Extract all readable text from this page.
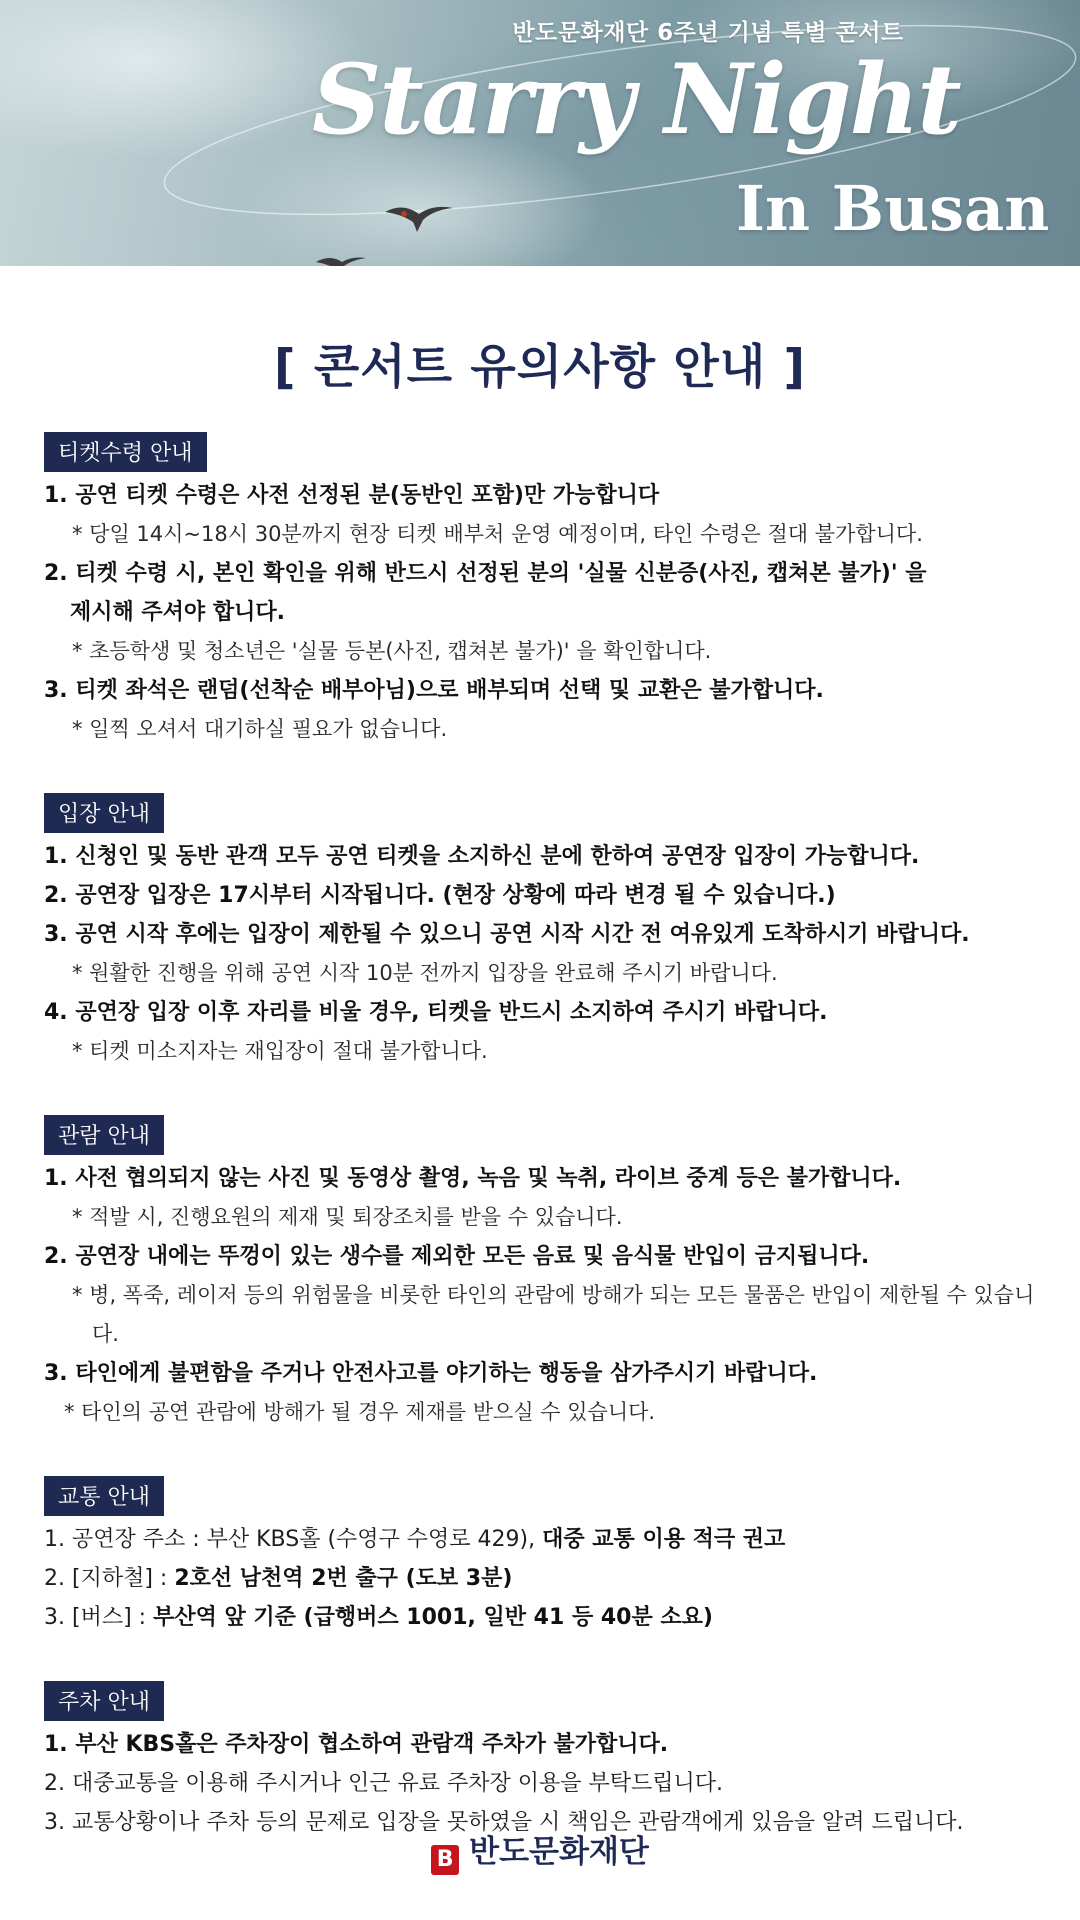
반도문화재단 6주년 기념 특별 콘서트
Starry Night
In Busan
[ 콘서트 유의사항 안내 ]
티켓수령 안내
1. 공연 티켓 수령은 사전 선정된 분(동반인 포함)만 가능합니다
* 당일 14시~18시 30분까지 현장 티켓 배부처 운영 예정이며, 타인 수령은 절대 불가합니다.
2. 티켓 수령 시, 본인 확인을 위해 반드시 선정된 분의 '실물 신분증(사진, 캡쳐본 불가)' 을
제시해 주셔야 합니다.
* 초등학생 및 청소년은 '실물 등본(사진, 캡쳐본 불가)' 을 확인합니다.
3. 티켓 좌석은 랜덤(선착순 배부아님)으로 배부되며 선택 및 교환은 불가합니다.
* 일찍 오셔서 대기하실 필요가 없습니다.
입장 안내
1. 신청인 및 동반 관객 모두 공연 티켓을 소지하신 분에 한하여 공연장 입장이 가능합니다.
2. 공연장 입장은 17시부터 시작됩니다. (현장 상황에 따라 변경 될 수 있습니다.)
3. 공연 시작 후에는 입장이 제한될 수 있으니 공연 시작 시간 전 여유있게 도착하시기 바랍니다.
* 원활한 진행을 위해 공연 시작 10분 전까지 입장을 완료해 주시기 바랍니다.
4. 공연장 입장 이후 자리를 비울 경우, 티켓을 반드시 소지하여 주시기 바랍니다.
* 티켓 미소지자는 재입장이 절대 불가합니다.
관람 안내
1. 사전 협의되지 않는 사진 및 동영상 촬영, 녹음 및 녹취, 라이브 중계 등은 불가합니다.
* 적발 시, 진행요원의 제재 및 퇴장조치를 받을 수 있습니다.
2. 공연장 내에는 뚜껑이 있는 생수를 제외한 모든 음료 및 음식물 반입이 금지됩니다.
* 병, 폭죽, 레이저 등의 위험물을 비롯한 타인의 관람에 방해가 되는 모든 물품은 반입이 제한될 수 있습니다.
3. 타인에게 불편함을 주거나 안전사고를 야기하는 행동을 삼가주시기 바랍니다.
* 타인의 공연 관람에 방해가 될 경우 제재를 받으실 수 있습니다.
교통 안내
1. 공연장 주소 : 부산 KBS홀 (수영구 수영로 429), 대중 교통 이용 적극 권고
2. [지하철] : 2호선 남천역 2번 출구 (도보 3분)
3. [버스] : 부산역 앞 기준 (급행버스 1001, 일반 41 등 40분 소요)
주차 안내
1. 부산 KBS홀은 주차장이 협소하여 관람객 주차가 불가합니다.
2. 대중교통을 이용해 주시거나 인근 유료 주차장 이용을 부탁드립니다.
3. 교통상황이나 주차 등의 문제로 입장을 못하였을 시 책임은 관람객에게 있음을 알려 드립니다.
B 반도문화재단
